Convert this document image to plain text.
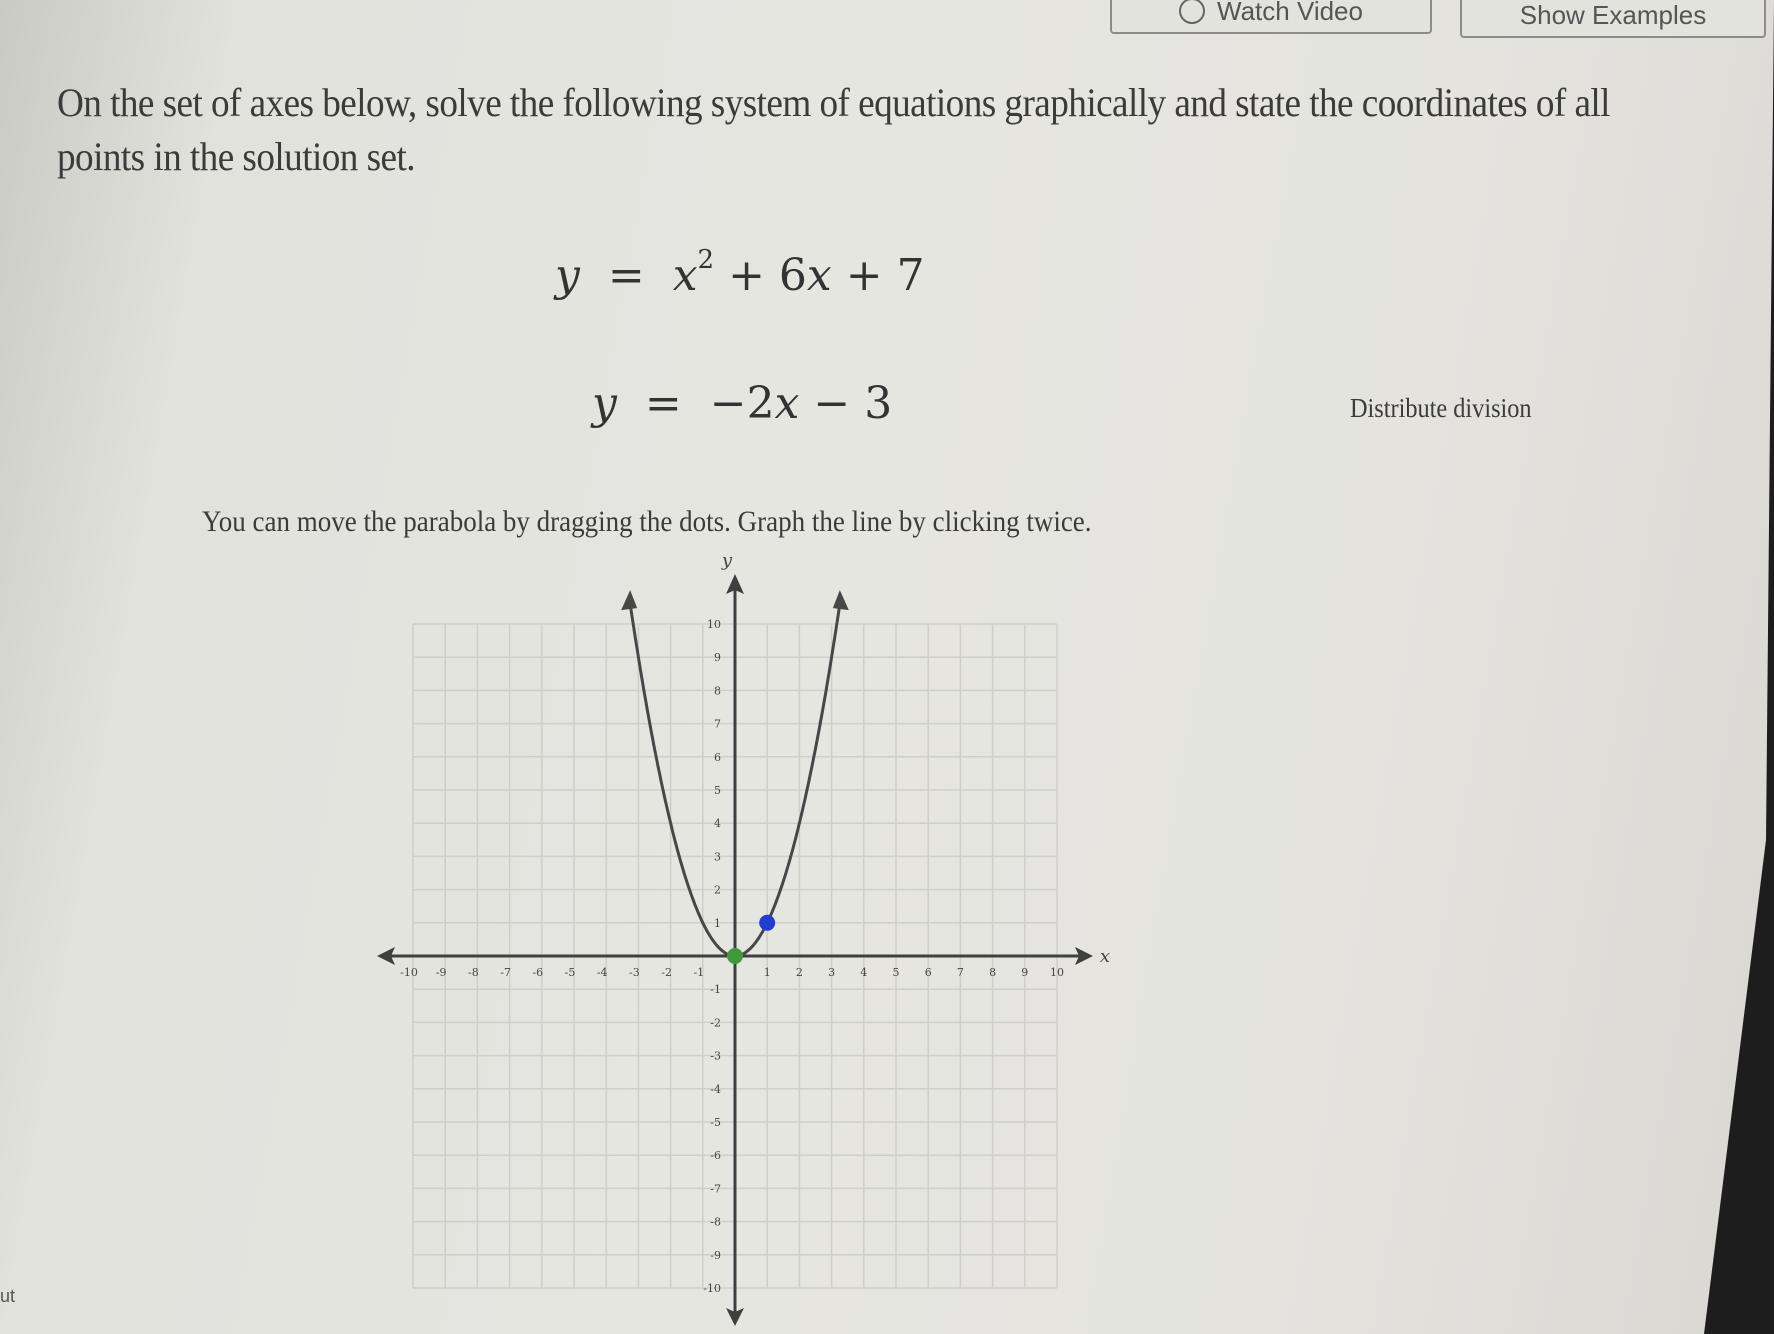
Watch Video	Show Examples
On the set of axes below, solve the following system of equations graphically and state the coordinates of all points in the solution set.
$y = x^2 + 6x + 7$
y  =  −2x − 3	Distribute division
You can move the parabola by dragging the dots. Graph the line by clicking twice.
x
y
-10 -9 -8 -7 -6 -5 -4 -3 -2 -1	1 2 3 4 5 6 7 8 9 10
10
9
8
7
6
5
4
3
2
1
-1
-2
-3
-4
-5
-6
-7
-8
-9
-10
ut
